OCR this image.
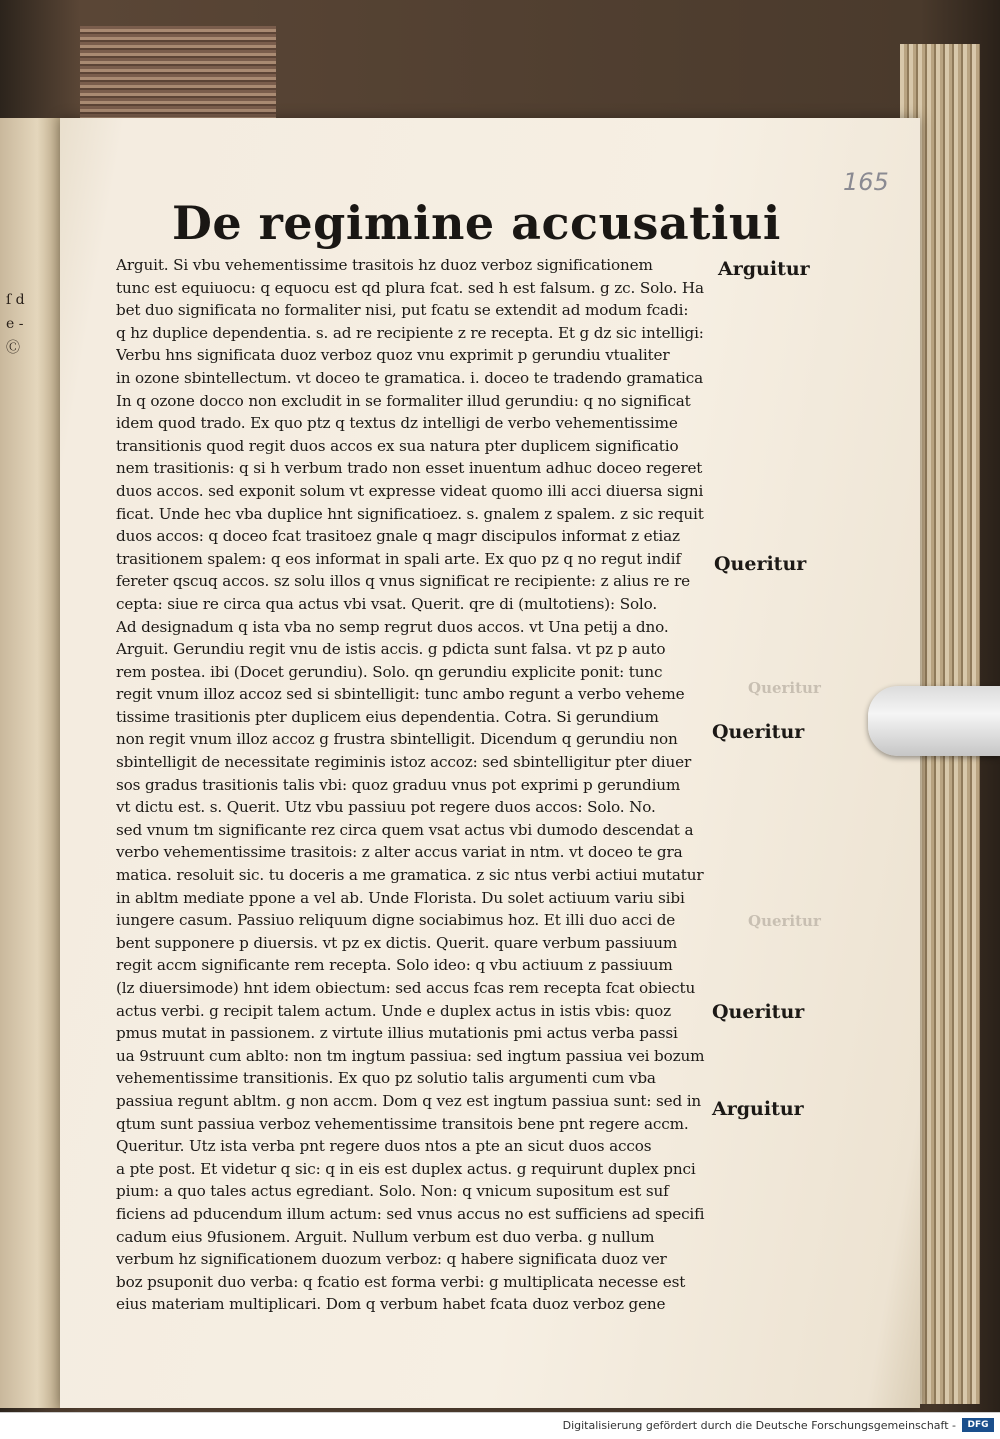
ſ d e - Ⓒ
165
De regimine accusatiui
Arguit. Si vbu vehementissime trasitois hz duoz verboz significationem
tunc est equiuocu: q equocu est qd plura fcat. sed h est falsum. g zc. Solo. Ha
bet duo significata no formaliter nisi, put fcatu se extendit ad modum fcadi:
q hz duplice dependentia. s. ad re recipiente z re recepta. Et g dz sic intelligi:
Verbu hns significata duoz verboz quoz vnu exprimit p gerundiu vtualiter
in ozone sbintellectum. vt doceo te gramatica. i. doceo te tradendo gramatica
In q ozone docco non excludit in se formaliter illud gerundiu: q no significat
idem quod trado. Ex quo ptz q textus dz intelligi de verbo vehementissime
transitionis quod regit duos accos ex sua natura pter duplicem significatio
nem trasitionis: q si h verbum trado non esset inuentum adhuc doceo regeret
duos accos. sed exponit solum vt expresse videat quomo illi acci diuersa signi
ficat. Unde hec vba duplice hnt significatioez. s. gnalem z spalem. z sic requit
duos accos: q doceo fcat trasitoez gnale q magr discipulos informat z etiaz
trasitionem spalem: q eos informat in spali arte. Ex quo pz q no regut indif
fereter qscuq accos. sz solu illos q vnus significat re recipiente: z alius re re
cepta: siue re circa qua actus vbi vsat. Querit. qre di (multotiens): Solo.
Ad designadum q ista vba no semp regrut duos accos. vt Una petij a dno.
Arguit. Gerundiu regit vnu de istis accis. g pdicta sunt falsa. vt pz p auto
rem postea. ibi (Docet gerundiu). Solo. qn gerundiu explicite ponit: tunc
regit vnum illoz accoz sed si sbintelligit: tunc ambo regunt a verbo veheme
tissime trasitionis pter duplicem eius dependentia. Cotra. Si gerundium
non regit vnum illoz accoz g frustra sbintelligit. Dicendum q gerundiu non
sbintelligit de necessitate regiminis istoz accoz: sed sbintelligitur pter diuer
sos gradus trasitionis talis vbi: quoz graduu vnus pot exprimi p gerundium
vt dictu est. s. Querit. Utz vbu passiuu pot regere duos accos: Solo. No.
sed vnum tm significante rez circa quem vsat actus vbi dumodo descendat a
verbo vehementissime trasitois: z alter accus variat in ntm. vt doceo te gra
matica. resoluit sic. tu doceris a me gramatica. z sic ntus verbi actiui mutatur
in abltm mediate ppone a vel ab. Unde Florista. Du solet actiuum variu sibi
iungere casum. Passiuo reliquum digne sociabimus hoz. Et illi duo acci de
bent supponere p diuersis. vt pz ex dictis. Querit. quare verbum passiuum
regit accm significante rem recepta. Solo ideo: q vbu actiuum z passiuum
(lz diuersimode) hnt idem obiectum: sed accus fcas rem recepta fcat obiectu
actus verbi. g recipit talem actum. Unde e duplex actus in istis vbis: quoz
pmus mutat in passionem. z virtute illius mutationis pmi actus verba passi
ua 9struunt cum ablto: non tm ingtum passiua: sed ingtum passiua vei bozum
vehementissime transitionis. Ex quo pz solutio talis argumenti cum vba
passiua regunt abltm. g non accm. Dom q vez est ingtum passiua sunt: sed in
qtum sunt passiua verboz vehementissime transitois bene pnt regere accm.
Queritur. Utz ista verba pnt regere duos ntos a pte an sicut duos accos
a pte post. Et videtur q sic: q in eis est duplex actus. g requirunt duplex pnci
pium: a quo tales actus egrediant. Solo. Non: q vnicum supositum est suf
ficiens ad pducendum illum actum: sed vnus accus no est sufficiens ad specifi
cadum eius 9fusionem. Arguit. Nullum verbum est duo verba. g nullum
verbum hz significationem duozum verboz: q habere significata duoz ver
boz psuponit duo verba: q fcatio est forma verbi: g multiplicata necesse est
eius materiam multiplicari. Dom q verbum habet fcata duoz verboz gene
Arguitur
Queritur
Queritur
Queritur
Arguitur
Queritur
Queritur
Digitalisierung gefördert durch die Deutsche Forschungsgemeinschaft -	DFG
